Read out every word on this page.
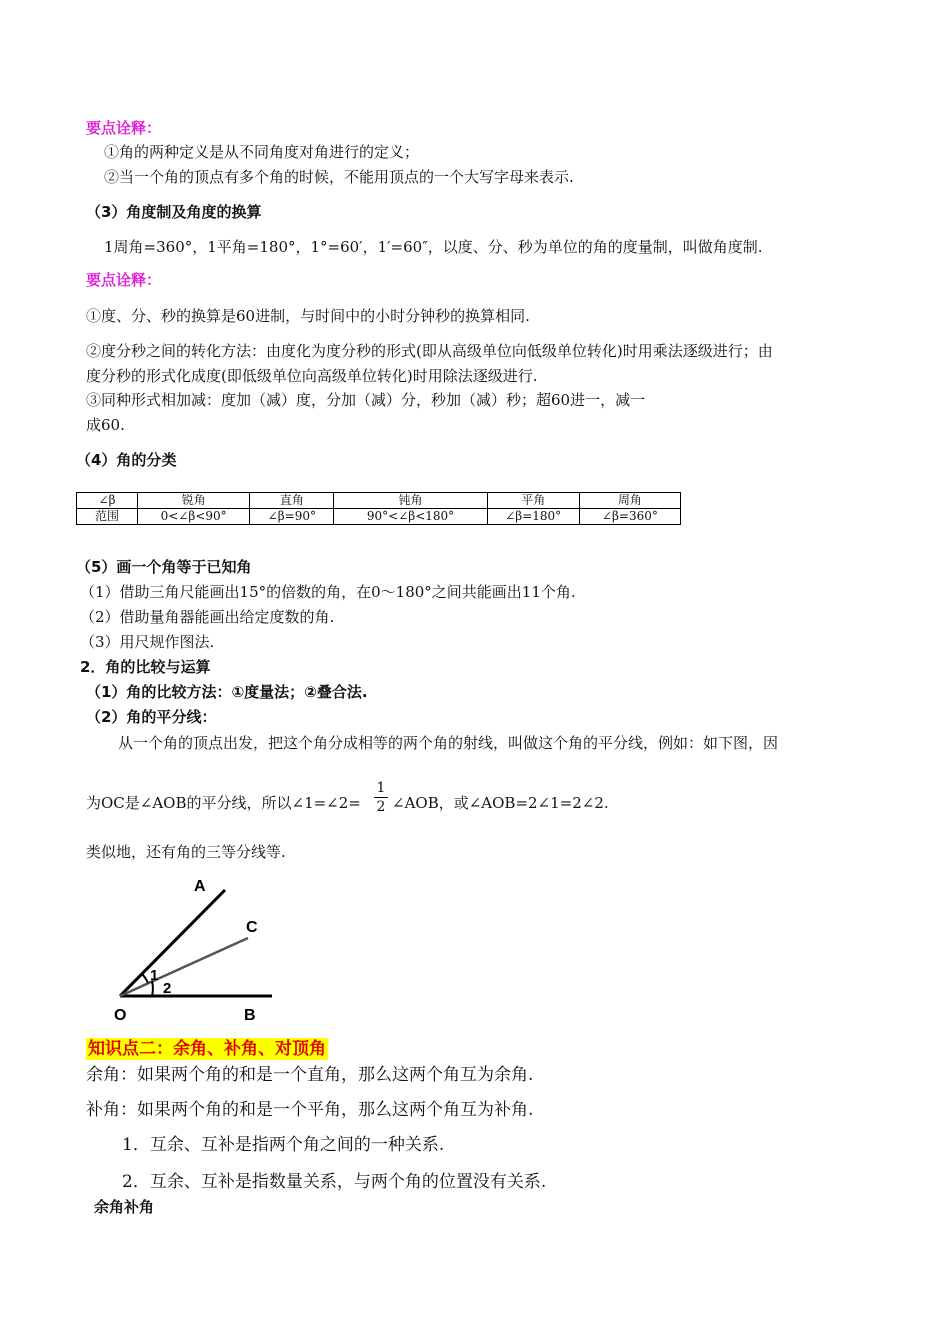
要点诠释：
①角的两种定义是从不同角度对角进行的定义；
②当一个角的顶点有多个角的时候，不能用顶点的一个大写字母来表示.
（3）角度制及角度的换算
1周角=360°，1平角=180°，1°=60′，1′=60″，以度、分、秒为单位的角的度量制，叫做角度制.
要点诠释：
①度、分、秒的换算是60进制，与时间中的小时分钟秒的换算相同.
②度分秒之间的转化方法：由度化为度分秒的形式(即从高级单位向低级单位转化)时用乘法逐级进行；由
度分秒的形式化成度(即低级单位向高级单位转化)时用除法逐级进行.
③同种形式相加减：度加（减）度，分加（减）分，秒加（减）秒；超60进一，减一
成60.
（4）角的分类
∠β	锐角	直角	钝角	平角	周角
范围	0<∠β<90°	∠β=90°	90°<∠β<180°	∠β=180°	∠β=360°
（5）画一个角等于已知角
（1）借助三角尺能画出15°的倍数的角，在0～180°之间共能画出11个角.
（2）借助量角器能画出给定度数的角.
（3）用尺规作图法.
2．角的比较与运算
（1）角的比较方法：①度量法；②叠合法.
（2）角的平分线：
从一个角的顶点出发，把这个角分成相等的两个角的射线，叫做这个角的平分线，例如：如下图，因
为OC是∠AOB的平分线，所以∠1=∠2=
1
2 ∠AOB，或∠AOB=2∠1=2∠2.
类似地，还有角的三等分线等.
A
C
O	B
1
2
知识点二：余角、补角、对顶角
余角：如果两个角的和是一个直角，那么这两个角互为余角.
补角：如果两个角的和是一个平角，那么这两个角互为补角.
1．互余、互补是指两个角之间的一种关系.
2．互余、互补是指数量关系，与两个角的位置没有关系.
余角补角
